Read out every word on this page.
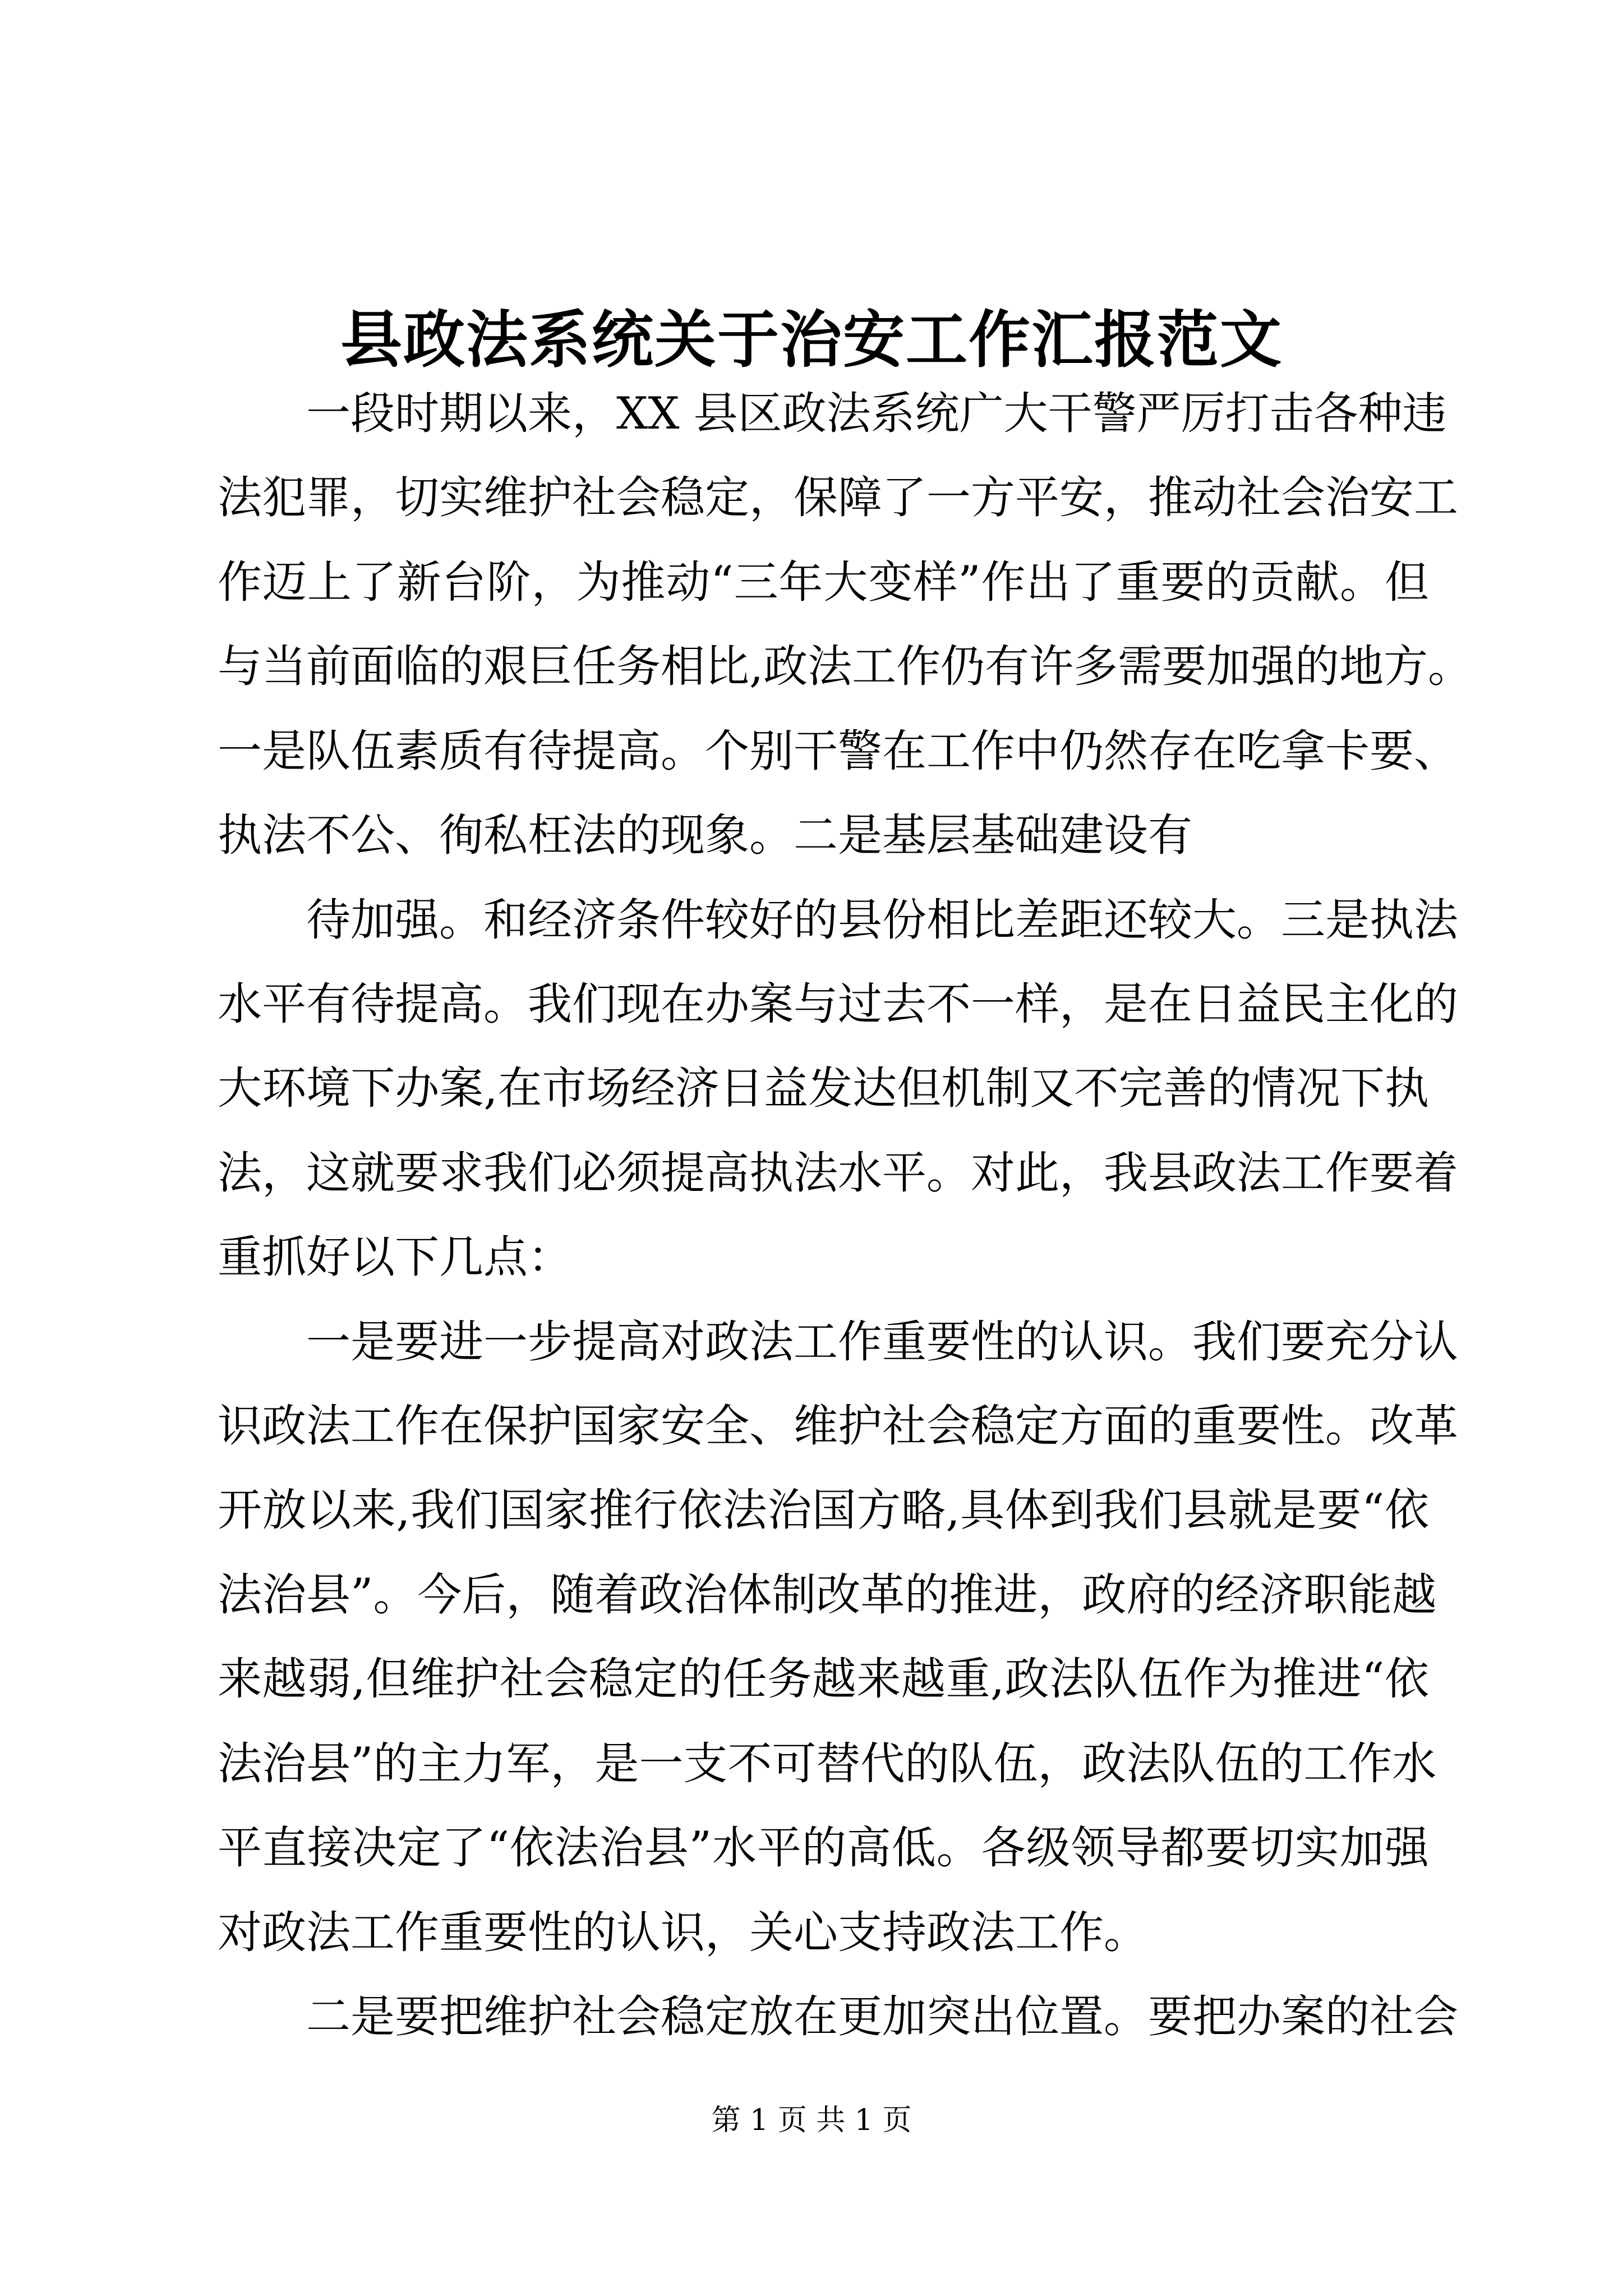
县政法系统关于治安工作汇报范文
一段时期以来，XX 县区政法系统广大干警严厉打击各种违
法犯罪，切实维护社会稳定，保障了一方平安，推动社会治安工
作迈上了新台阶，为推动“三年大变样”作出了重要的贡献。但
与当前面临的艰巨任务相比,政法工作仍有许多需要加强的地方。
一是队伍素质有待提高。个别干警在工作中仍然存在吃拿卡要、
执法不公、徇私枉法的现象。二是基层基础建设有
待加强。和经济条件较好的县份相比差距还较大。三是执法
水平有待提高。我们现在办案与过去不一样，是在日益民主化的
大环境下办案,在市场经济日益发达但机制又不完善的情况下执
法，这就要求我们必须提高执法水平。对此，我县政法工作要着
重抓好以下几点：
一是要进一步提高对政法工作重要性的认识。我们要充分认
识政法工作在保护国家安全、维护社会稳定方面的重要性。改革
开放以来,我们国家推行依法治国方略,具体到我们县就是要“依
法治县”。今后，随着政治体制改革的推进，政府的经济职能越
来越弱,但维护社会稳定的任务越来越重,政法队伍作为推进“依
法治县”的主力军，是一支不可替代的队伍，政法队伍的工作水
平直接决定了“依法治县”水平的高低。各级领导都要切实加强
对政法工作重要性的认识，关心支持政法工作。
二是要把维护社会稳定放在更加突出位置。要把办案的社会
第 1 页 共 1 页
